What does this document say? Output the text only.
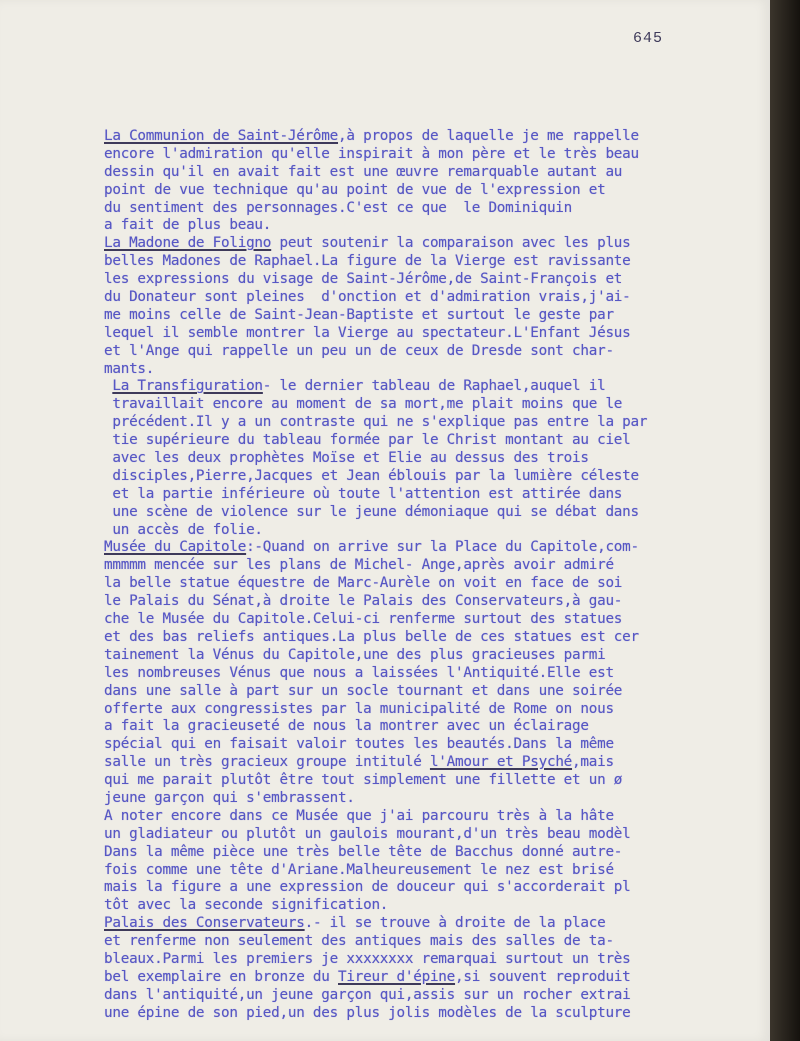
645
La Communion de Saint-Jérôme,à propos de laquelle je me rappelle
encore l'admiration qu'elle inspirait à mon père et le très beau
dessin qu'il en avait fait est une œuvre remarquable autant au
point de vue technique qu'au point de vue de l'expression et
du sentiment des personnages.C'est ce que  le Dominiquin
a fait de plus beau.
La Madone de Foligno peut soutenir la comparaison avec les plus
belles Madones de Raphael.La figure de la Vierge est ravissante
les expressions du visage de Saint-Jérôme,de Saint-François et
du Donateur sont pleines  d'onction et d'admiration vrais,j'ai-
me moins celle de Saint-Jean-Baptiste et surtout le geste par
lequel il semble montrer la Vierge au spectateur.L'Enfant Jésus
et l'Ange qui rappelle un peu un de ceux de Dresde sont char-
mants.
La Transfiguration- le dernier tableau de Raphael,auquel il
travaillait encore au moment de sa mort,me plait moins que le
précédent.Il y a un contraste qui ne s'explique pas entre la par
tie supérieure du tableau formée par le Christ montant au ciel
avec les deux prophètes Moïse et Elie au dessus des trois
disciples,Pierre,Jacques et Jean éblouis par la lumière céleste
et la partie inférieure où toute l'attention est attirée dans
une scène de violence sur le jeune démoniaque qui se débat dans
un accès de folie.
Musée du Capitole:-Quand on arrive sur la Place du Capitole,com-
mmmmm mencée sur les plans de Michel- Ange,après avoir admiré
la belle statue équestre de Marc-Aurèle on voit en face de soi
le Palais du Sénat,à droite le Palais des Conservateurs,à gau-
che le Musée du Capitole.Celui-ci renferme surtout des statues
et des bas reliefs antiques.La plus belle de ces statues est cer
tainement la Vénus du Capitole,une des plus gracieuses parmi
les nombreuses Vénus que nous a laissées l'Antiquité.Elle est
dans une salle à part sur un socle tournant et dans une soirée
offerte aux congressistes par la municipalité de Rome on nous
a fait la gracieuseté de nous la montrer avec un éclairage
spécial qui en faisait valoir toutes les beautés.Dans la même
salle un très gracieux groupe intitulé l'Amour et Psyché,mais
qui me parait plutôt être tout simplement une fillette et un ø
jeune garçon qui s'embrassent.
A noter encore dans ce Musée que j'ai parcouru très à la hâte
un gladiateur ou plutôt un gaulois mourant,d'un très beau modèl
Dans la même pièce une très belle tête de Bacchus donné autre-
fois comme une tête d'Ariane.Malheureusement le nez est brisé
mais la figure a une expression de douceur qui s'accorderait pl
tôt avec la seconde signification.
Palais des Conservateurs.- il se trouve à droite de la place
et renferme non seulement des antiques mais des salles de ta-
bleaux.Parmi les premiers je xxxxxxxx remarquai surtout un très
bel exemplaire en bronze du Tireur d'épine,si souvent reproduit
dans l'antiquité,un jeune garçon qui,assis sur un rocher extrai
une épine de son pied,un des plus jolis modèles de la sculpture
